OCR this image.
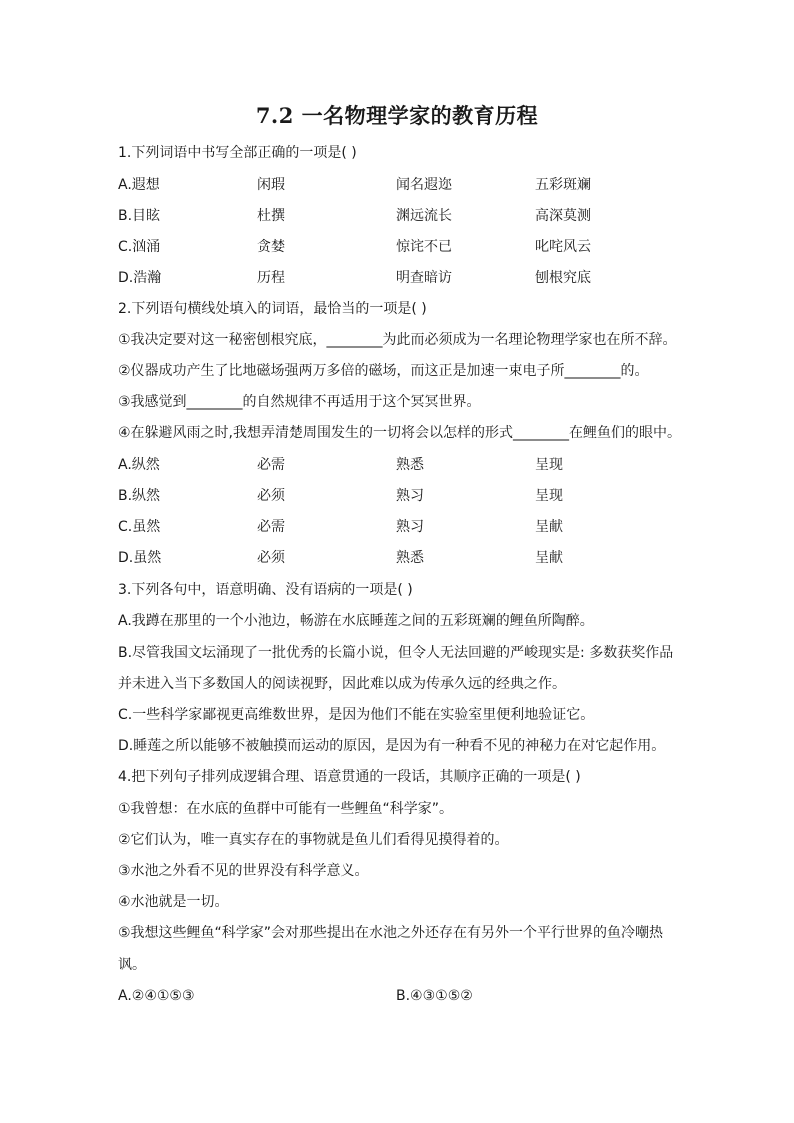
7.2 一名物理学家的教育历程
1.下列词语中书写全部正确的一项是( )
A.遐想	闲瑕	闻名遐迩	五彩斑斓
B.目眩	杜撰	渊远流长	高深莫测
C.汹涌	贪婪	惊诧不已	叱咤风云
D.浩瀚	历程	明查暗访	刨根究底
2.下列语句横线处填入的词语，最恰当的一项是( )
①我决定要对这一秘密刨根究底，________为此而必须成为一名理论物理学家也在所不辞。
②仪器成功产生了比地磁场强两万多倍的磁场，而这正是加速一束电子所________的。
③我感觉到________的自然规律不再适用于这个冥冥世界。
④在躲避风雨之时,我想弄清楚周围发生的一切将会以怎样的形式________在鲤鱼们的眼中。
A.纵然	必需	熟悉	呈现
B.纵然	必须	熟习	呈现
C.虽然	必需	熟习	呈献
D.虽然	必须	熟悉	呈献
3.下列各句中，语意明确、没有语病的一项是( )
A.我蹲在那里的一个小池边，畅游在水底睡莲之间的五彩斑斓的鲤鱼所陶醉。
B.尽管我国文坛涌现了一批优秀的长篇小说，但令人无法回避的严峻现实是: 多数获奖作品
并未进入当下多数国人的阅读视野，因此难以成为传承久远的经典之作。
C.一些科学家鄙视更高维数世界，是因为他们不能在实验室里便利地验证它。
D.睡莲之所以能够不被触摸而运动的原因，是因为有一种看不见的神秘力在对它起作用。
4.把下列句子排列成逻辑合理、语意贯通的一段话，其顺序正确的一项是( )
①我曾想：在水底的鱼群中可能有一些鲤鱼“科学家”。
②它们认为，唯一真实存在的事物就是鱼儿们看得见摸得着的。
③水池之外看不见的世界没有科学意义。
④水池就是一切。
⑤我想这些鲤鱼“科学家”会对那些提出在水池之外还存在有另外一个平行世界的鱼冷嘲热
讽。
A.②④①⑤③	B.④③①⑤②
